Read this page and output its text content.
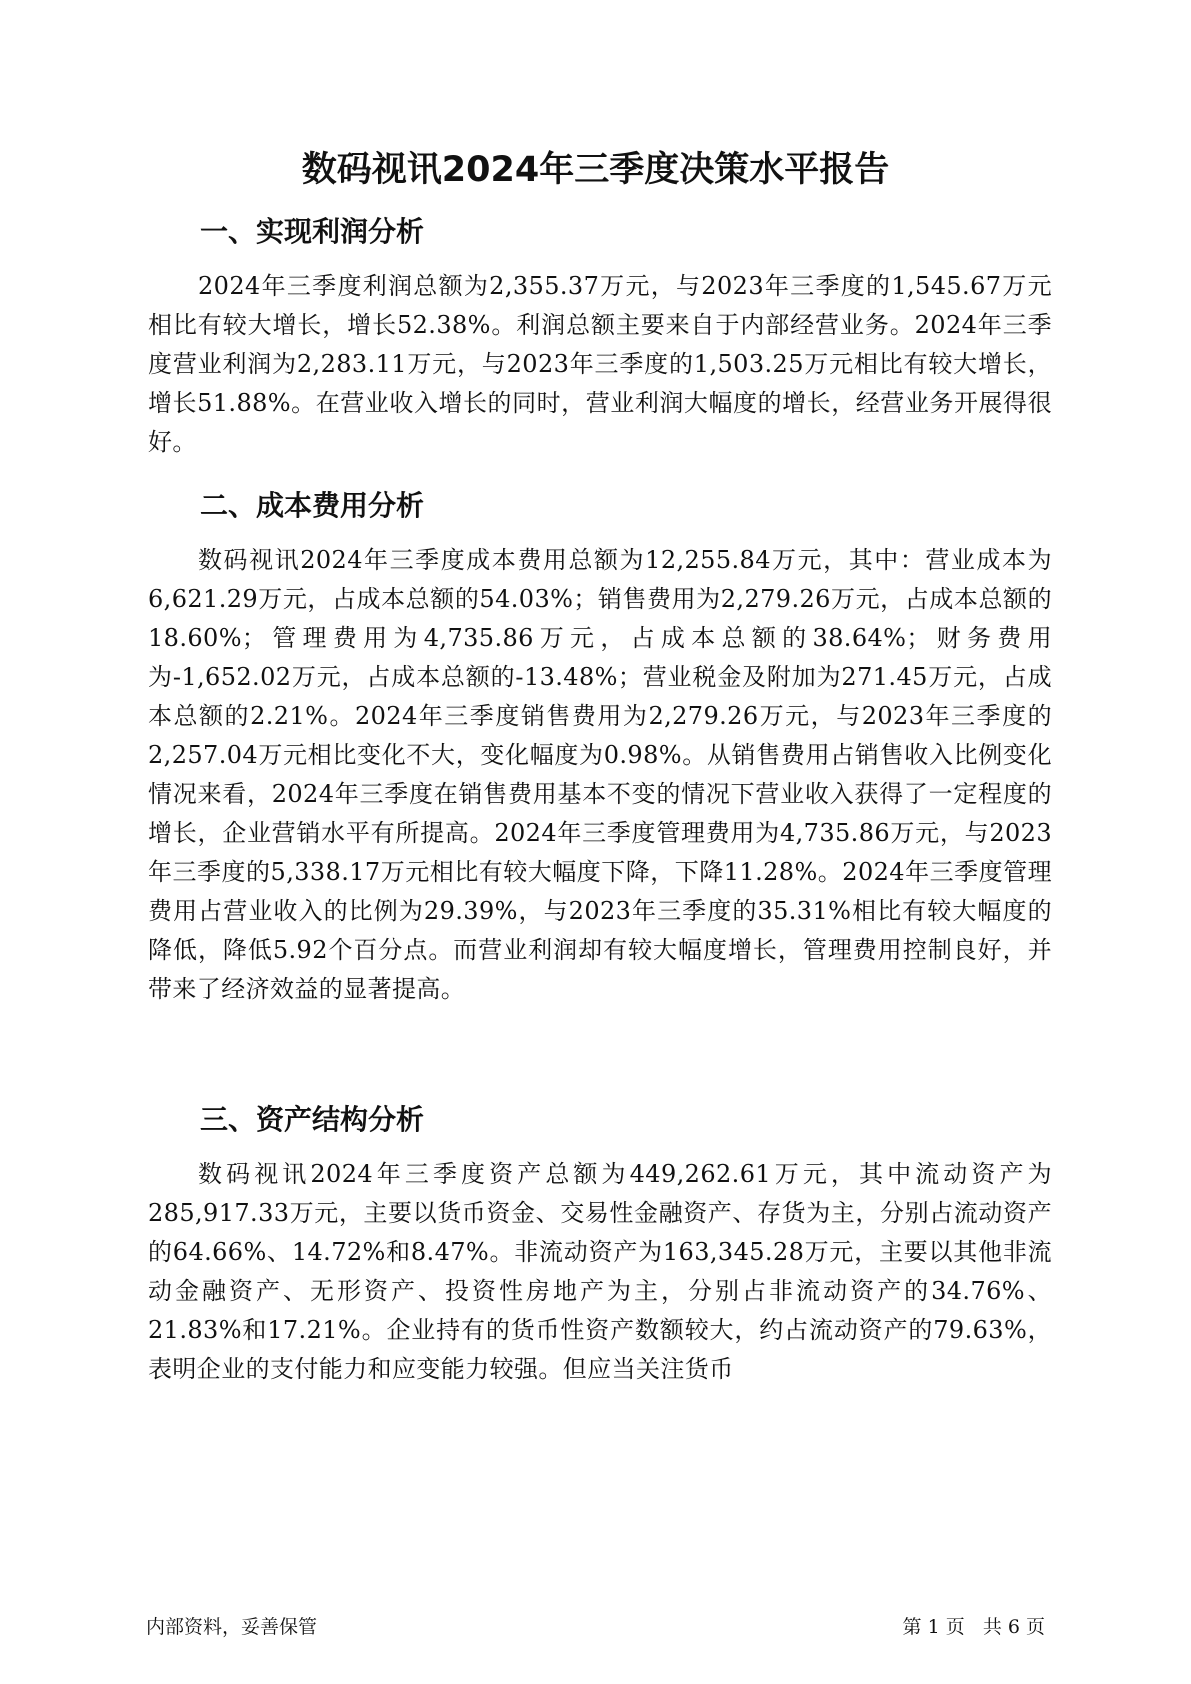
数码视讯2024年三季度决策水平报告
一、实现利润分析

2024年三季度利润总额为2,355.37万元，与2023年三季度的1,545.67万元相比有较大增长，增长52.38%。利润总额主要来自于内部经营业务。2024年三季度营业利润为2,283.11万元，与2023年三季度的1,503.25万元相比有较大增长，增长51.88%。在营业收入增长的同时，营业利润大幅度的增长，经营业务开展得很好。

二、成本费用分析

数码视讯2024年三季度成本费用总额为12,255.84万元，其中：营业成本为6,621.29万元，占成本总额的54.03%；销售费用为2,279.26万元，占成本总额的18.60%；管理费用为4,735.86万元，占成本总额的38.64%；财务费用为-1,652.02万元，占成本总额的-13.48%；营业税金及附加为271.45万元，占成本总额的2.21%。2024年三季度销售费用为2,279.26万元，与2023年三季度的2,257.04万元相比变化不大，变化幅度为0.98%。从销售费用占销售收入比例变化情况来看，2024年三季度在销售费用基本不变的情况下营业收入获得了一定程度的增长，企业营销水平有所提高。2024年三季度管理费用为4,735.86万元，与2023年三季度的5,338.17万元相比有较大幅度下降，下降11.28%。2024年三季度管理费用占营业收入的比例为29.39%，与2023年三季度的35.31%相比有较大幅度的降低，降低5.92个百分点。而营业利润却有较大幅度增长，管理费用控制良好，并带来了经济效益的显著提高。

三、资产结构分析

数码视讯2024年三季度资产总额为449,262.61万元，其中流动资产为285,917.33万元，主要以货币资金、交易性金融资产、存货为主，分别占流动资产的64.66%、14.72%和8.47%。非流动资产为163,345.28万元，主要以其他非流动金融资产、无形资产、投资性房地产为主，分别占非流动资产的34.76%、21.83%和17.21%。企业持有的货币性资产数额较大，约占流动资产的79.63%，表明企业的支付能力和应变能力较强。但应当关注货币

内部资料，妥善保管	第 1 页   共 6 页
